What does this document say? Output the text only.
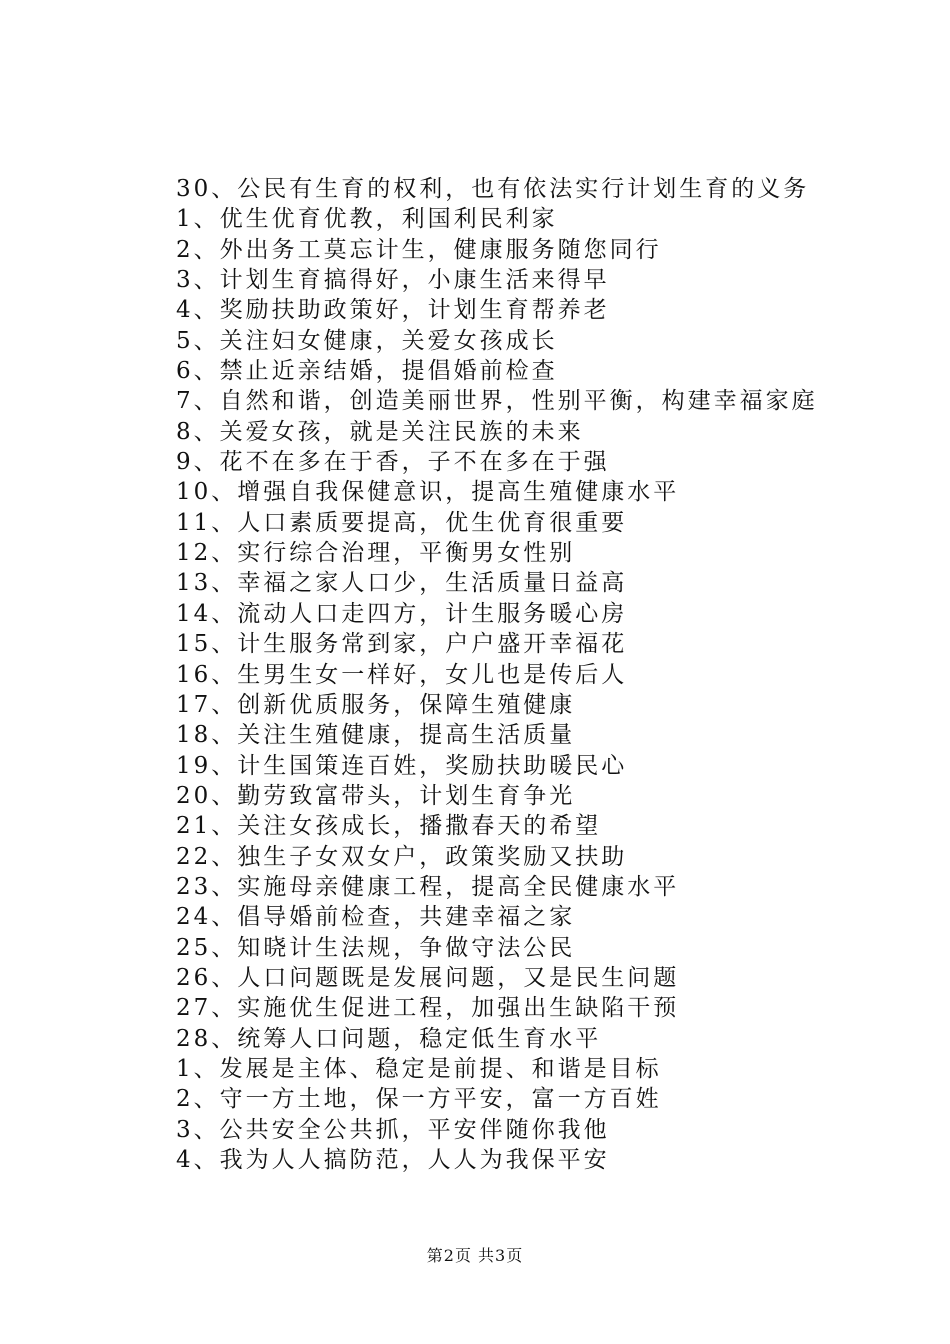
30、公民有生育的权利，也有依法实行计划生育的义务
1、优生优育优教，利国利民利家
2、外出务工莫忘计生，健康服务随您同行
3、计划生育搞得好，小康生活来得早
4、奖励扶助政策好，计划生育帮养老
5、关注妇女健康，关爱女孩成长
6、禁止近亲结婚，提倡婚前检查
7、自然和谐，创造美丽世界，性别平衡，构建幸福家庭
8、关爱女孩，就是关注民族的未来
9、花不在多在于香，子不在多在于强
10、增强自我保健意识，提高生殖健康水平
11、人口素质要提高，优生优育很重要
12、实行综合治理，平衡男女性别
13、幸福之家人口少，生活质量日益高
14、流动人口走四方，计生服务暖心房
15、计生服务常到家，户户盛开幸福花
16、生男生女一样好，女儿也是传后人
17、创新优质服务，保障生殖健康
18、关注生殖健康，提高生活质量
19、计生国策连百姓，奖励扶助暖民心
20、勤劳致富带头，计划生育争光
21、关注女孩成长，播撒春天的希望
22、独生子女双女户，政策奖励又扶助
23、实施母亲健康工程，提高全民健康水平
24、倡导婚前检查，共建幸福之家
25、知晓计生法规，争做守法公民
26、人口问题既是发展问题，又是民生问题
27、实施优生促进工程，加强出生缺陷干预
28、统筹人口问题，稳定低生育水平
1、发展是主体、稳定是前提、和谐是目标
2、守一方土地，保一方平安，富一方百姓
3、公共安全公共抓，平安伴随你我他
4、我为人人搞防范，人人为我保平安
第2页 共3页
